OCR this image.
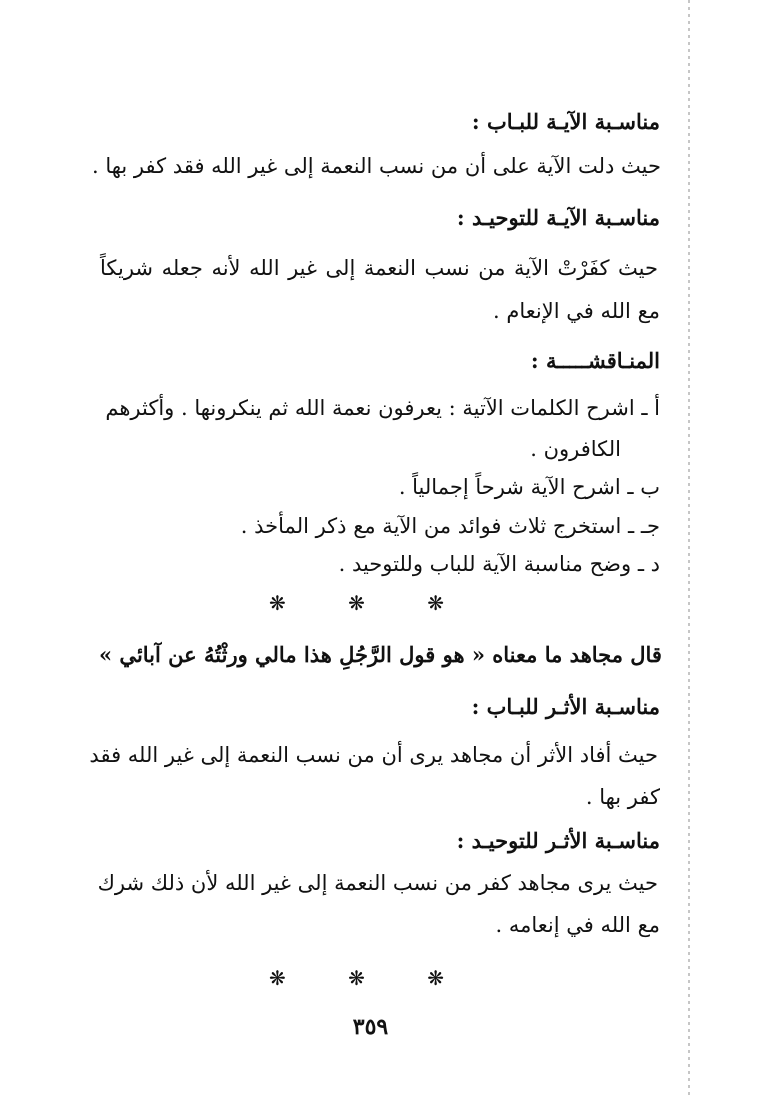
مناسـبة الآيـة للبـاب :
حيث دلت الآية على أن من نسب النعمة إلى غير الله فقد كفر بها .
مناسـبة الآيـة للتوحيـد :
حيث كفَرْتْ الآية من نسب النعمة إلى غير الله لأنه جعله شريكاً
مع الله في الإنعام .
المنـاقشـــــة :
أ ـ اشرح الكلمات الآتية : يعرفون نعمة الله ثم ينكرونها . وأكثرهم
الكافرون .
ب ـ اشرح الآية شرحاً إجمالياً .
جـ ـ استخرج ثلاث فوائد من الآية مع ذكر المأخذ .
د ـ وضح مناسبة الآية للباب وللتوحيد .
❋ ❋ ❋
قال مجاهد ما معناه « هو قول الرَّجُلِ هذا مالي ورثْتُهُ عن آبائي »
مناسـبة الأثـر للبـاب :
حيث أفاد الأثر أن مجاهد يرى أن من نسب النعمة إلى غير الله فقد
كفر بها .
مناسـبة الأثـر للتوحيـد :
حيث يرى مجاهد كفر من نسب النعمة إلى غير الله لأن ذلك شرك
مع الله في إنعامه .
❋ ❋ ❋
٣٥٩
